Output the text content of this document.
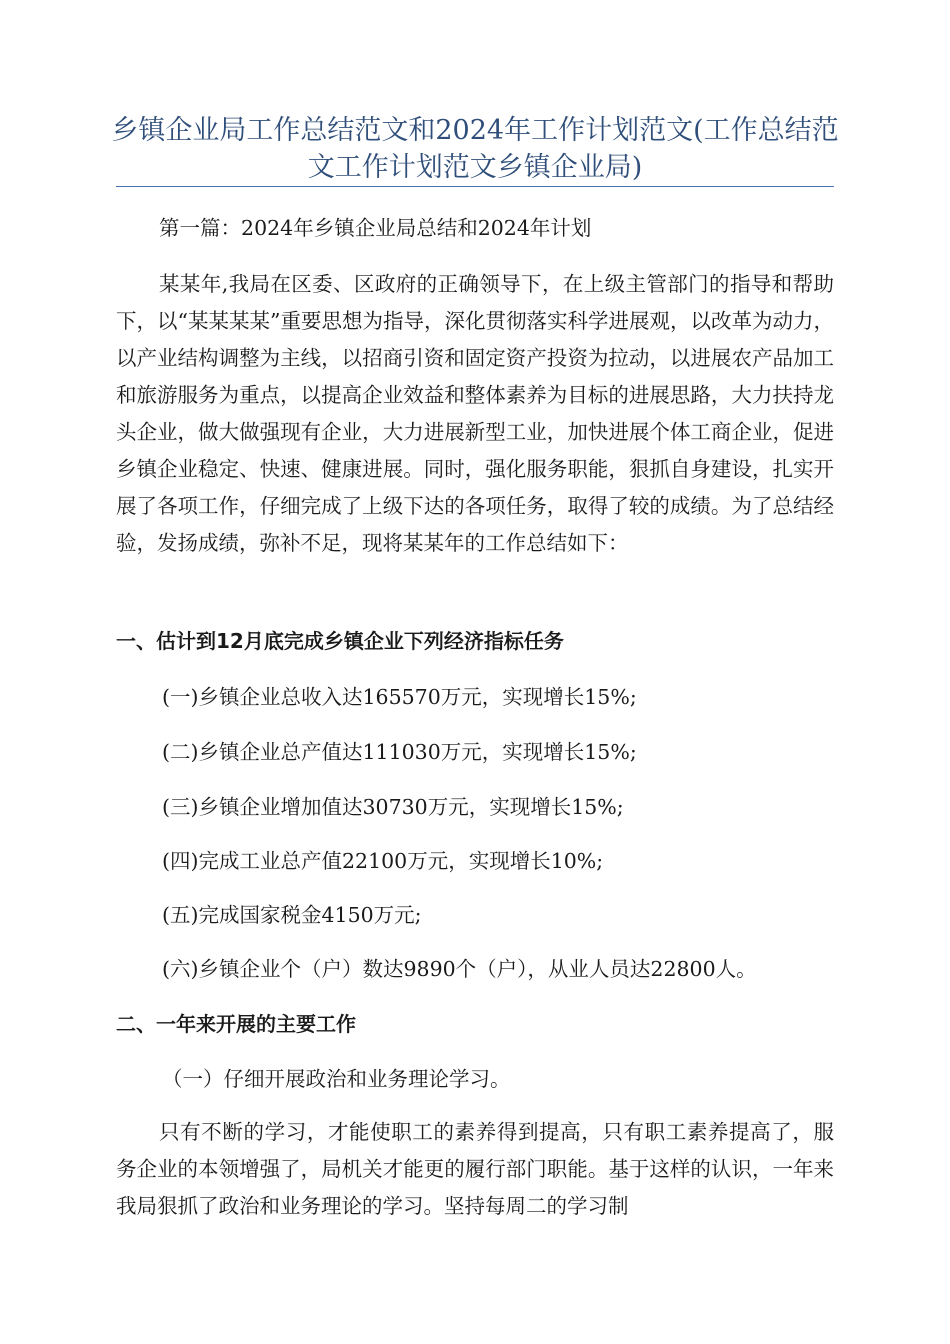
乡镇企业局工作总结范文和2024年工作计划范文(工作总结范文工作计划范文乡镇企业局)

第一篇：2024年乡镇企业局总结和2024年计划

某某年,我局在区委、区政府的正确领导下，在上级主管部门的指导和帮助下，以“某某某某”重要思想为指导，深化贯彻落实科学进展观，以改革为动力，以产业结构调整为主线，以招商引资和固定资产投资为拉动，以进展农产品加工和旅游服务为重点，以提高企业效益和整体素养为目标的进展思路，大力扶持龙头企业，做大做强现有企业，大力进展新型工业，加快进展个体工商企业，促进乡镇企业稳定、快速、健康进展。同时，强化服务职能，狠抓自身建设，扎实开展了各项工作，仔细完成了上级下达的各项任务，取得了较的成绩。为了总结经验，发扬成绩，弥补不足，现将某某年的工作总结如下：

一、估计到12月底完成乡镇企业下列经济指标任务

(一)乡镇企业总收入达165570万元，实现增长15%;

(二)乡镇企业总产值达111030万元，实现增长15%;

(三)乡镇企业增加值达30730万元，实现增长15%;

(四)完成工业总产值22100万元，实现增长10%;

(五)完成国家税金4150万元;

(六)乡镇企业个（户）数达9890个（户），从业人员达22800人。

二、一年来开展的主要工作

（一）仔细开展政治和业务理论学习。

只有不断的学习，才能使职工的素养得到提高，只有职工素养提高了，服务企业的本领增强了，局机关才能更的履行部门职能。基于这样的认识，一年来我局狠抓了政治和业务理论的学习。坚持每周二的学习制
